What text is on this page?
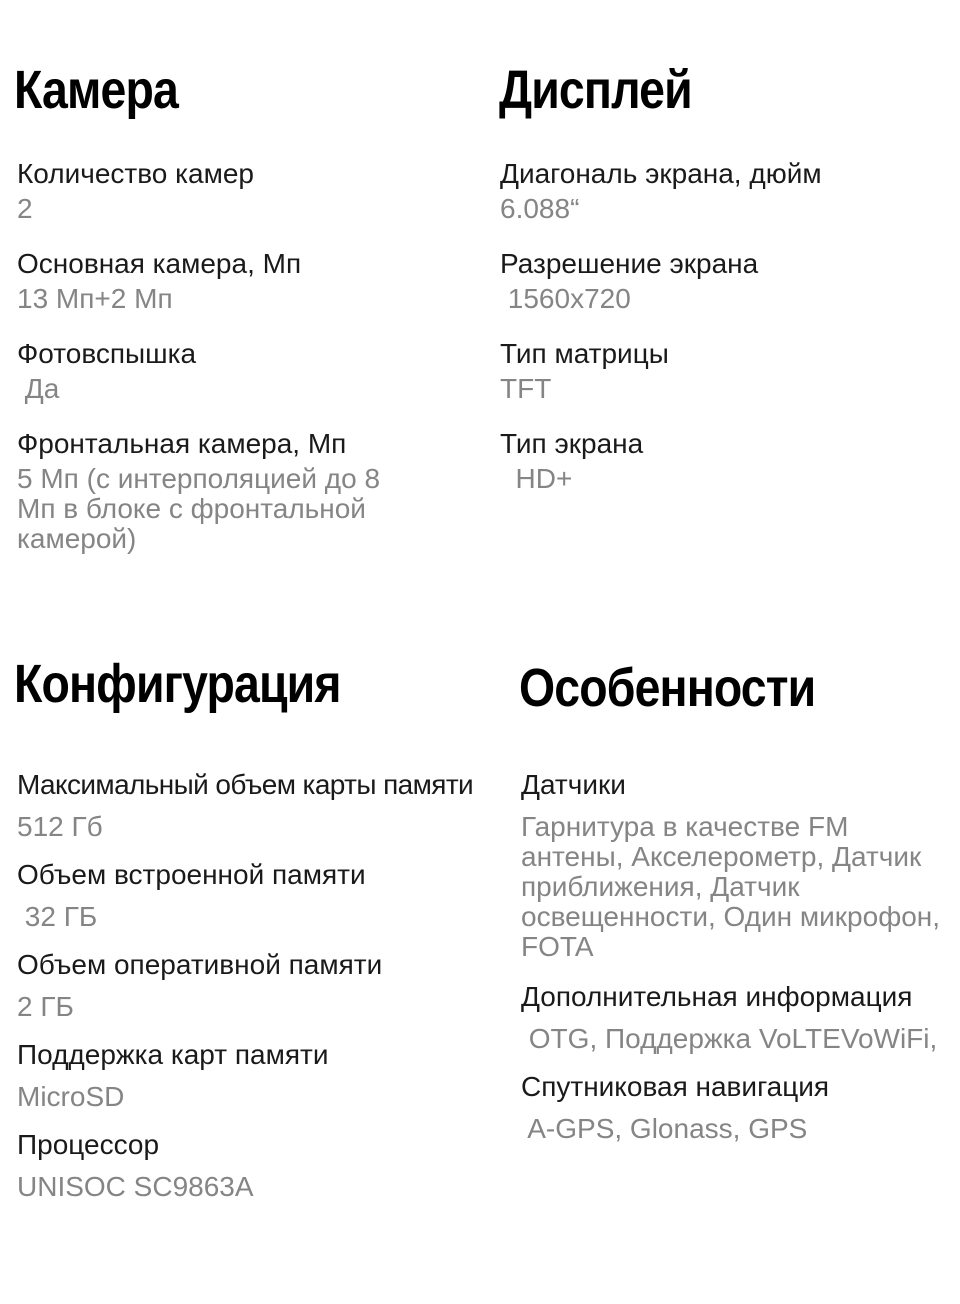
Камера
Количество камер
2
Основная камера, Мп
13 Мп+2 Мп
Фотовспышка
Да
Фронтальная камера, Мп
5 Мп (с интерполяцией до 8 Мп в блоке с фронтальной камерой)
Дисплей
Диагональ экрана, дюйм
6.088“
Разрешение экрана
1560x720
Тип матрицы
TFT
Тип экрана
HD+
Конфигурация
Максимальный объем карты памяти
512 Гб
Объем встроенной памяти
32 ГБ
Объем оперативной памяти
2 ГБ
Поддержка карт памяти
MicroSD
Процессор
UNISOC SC9863A
Особенности
Датчики
Гарнитура в качестве FM антены, Акселерометр, Датчик приближения, Датчик освещенности, Один микрофон, FOTA
Дополнительная информация
OTG, Поддержка VoLTEVoWiFi,
Спутниковая навигация
A-GPS, Glonass, GPS
